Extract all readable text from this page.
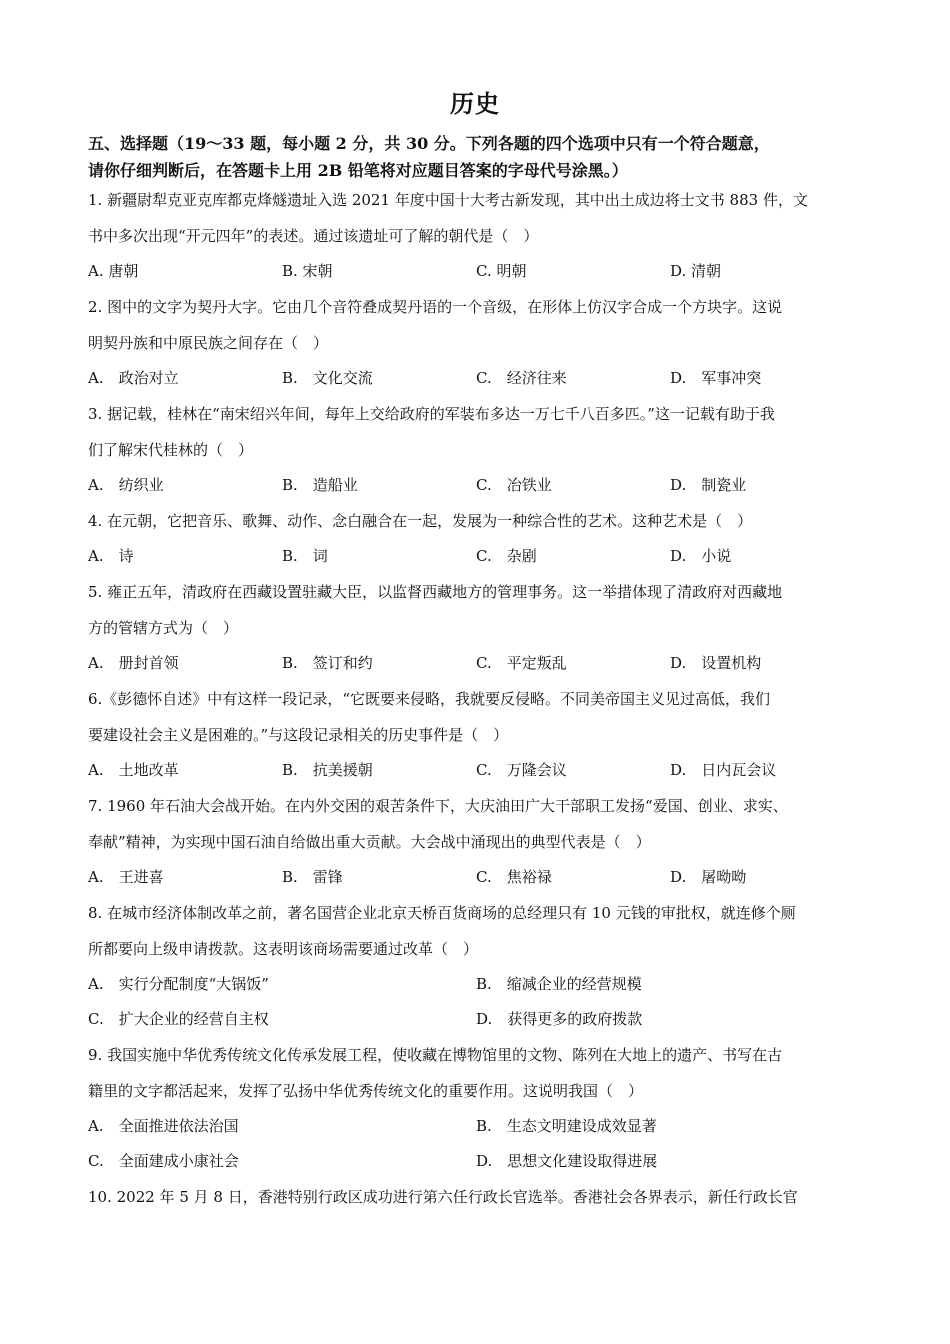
历史
五、选择题（19～33 题，每小题 2 分，共 30 分。下列各题的四个选项中只有一个符合题意，
请你仔细判断后，在答题卡上用 2B 铅笔将对应题目答案的字母代号涂黑。）
1. 新疆尉犁克亚克库都克烽燧遗址入选 2021 年度中国十大考古新发现，其中出土成边将士文书 883 件，文
书中多次出现“开元四年”的表述。通过该遗址可了解的朝代是（　）
A. 唐朝	B. 宋朝	C. 明朝	D. 清朝
2. 图中的文字为契丹大字。它由几个音符叠成契丹语的一个音级，在形体上仿汉字合成一个方块字。这说
明契丹族和中原民族之间存在（　）
A.　政治对立	B.　文化交流	C.　经济往来	D.　军事冲突
3. 据记载，桂林在“南宋绍兴年间，每年上交给政府的军装布多达一万七千八百多匹。”这一记载有助于我
们了解宋代桂林的（　）
A.　纺织业	B.　造船业	C.　冶铁业	D.　制瓷业
4. 在元朝，它把音乐、歌舞、动作、念白融合在一起，发展为一种综合性的艺术。这种艺术是（　）
A.　诗	B.　词	C.　杂剧	D.　小说
5. 雍正五年，清政府在西藏设置驻藏大臣，以监督西藏地方的管理事务。这一举措体现了清政府对西藏地
方的管辖方式为（　）
A.　册封首领	B.　签订和约	C.　平定叛乱	D.　设置机构
6.《彭德怀自述》中有这样一段记录，“它既要来侵略，我就要反侵略。不同美帝国主义见过高低，我们
要建设社会主义是困难的。”与这段记录相关的历史事件是（　）
A.　土地改革	B.　抗美援朝	C.　万隆会议	D.　日内瓦会议
7. 1960 年石油大会战开始。在内外交困的艰苦条件下，大庆油田广大干部职工发扬“爱国、创业、求实、
奉献”精神，为实现中国石油自给做出重大贡献。大会战中涌现出的典型代表是（　）
A.　王进喜	B.　雷锋	C.　焦裕禄	D.　屠呦呦
8. 在城市经济体制改革之前，著名国营企业北京天桥百货商场的总经理只有 10 元钱的审批权，就连修个厕
所都要向上级申请拨款。这表明该商场需要通过改革（　）
A.　实行分配制度“大锅饭”	B.　缩减企业的经营规模
C.　扩大企业的经营自主权	D.　获得更多的政府拨款
9. 我国实施中华优秀传统文化传承发展工程，使收藏在博物馆里的文物、陈列在大地上的遗产、书写在古
籍里的文字都活起来，发挥了弘扬中华优秀传统文化的重要作用。这说明我国（　）
A.　全面推进依法治国	B.　生态文明建设成效显著
C.　全面建成小康社会	D.　思想文化建设取得进展
10. 2022 年 5 月 8 日，香港特别行政区成功进行第六任行政长官选举。香港社会各界表示，新任行政长官
